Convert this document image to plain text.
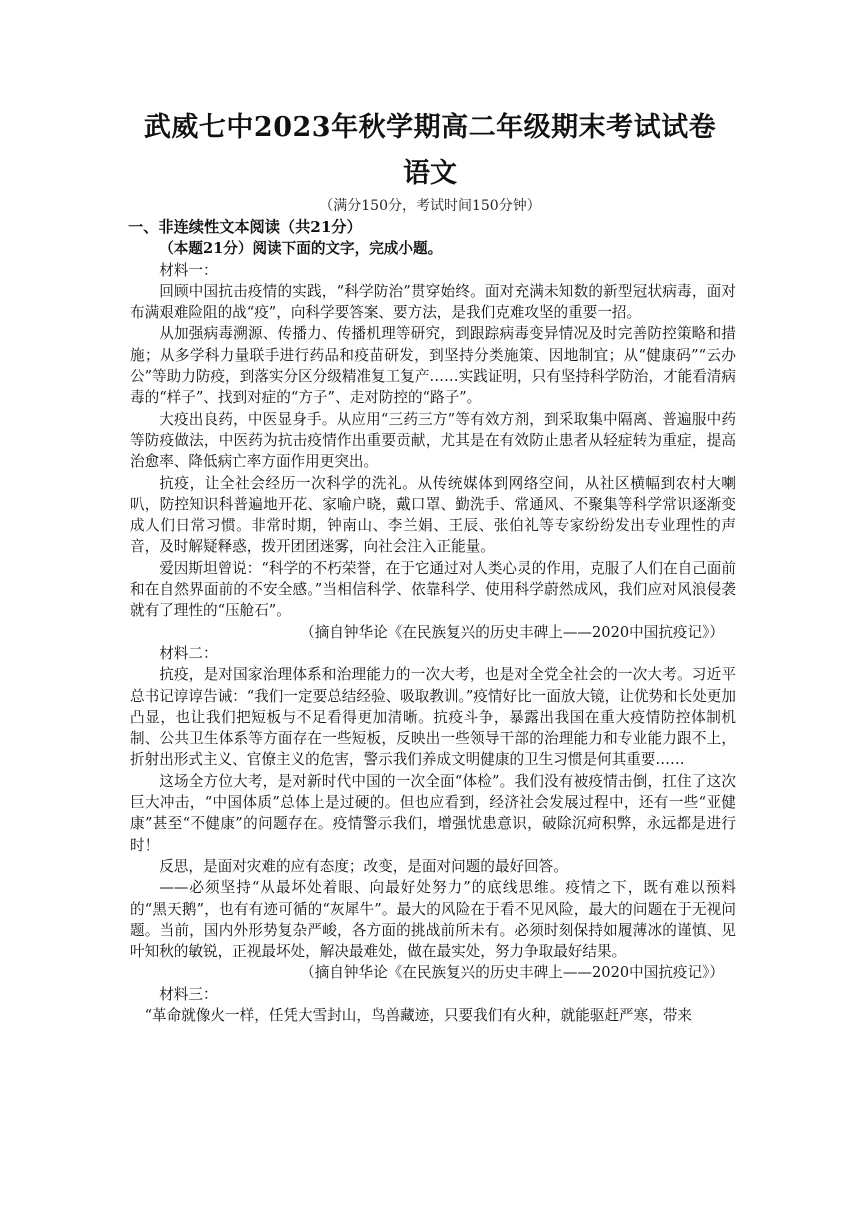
武威七中2023年秋学期高二年级期末考试试卷
语文
（满分150分，考试时间150分钟）

一、非连续性文本阅读（共21分）

（本题21分）阅读下面的文字，完成小题。

材料一：

回顾中国抗击疫情的实践，“科学防治”贯穿始终。面对充满未知数的新型冠状病毒，面对布满艰难险阻的战“疫”，向科学要答案、要方法，是我们克难攻坚的重要一招。

从加强病毒溯源、传播力、传播机理等研究，到跟踪病毒变异情况及时完善防控策略和措施；从多学科力量联手进行药品和疫苗研发，到坚持分类施策、因地制宜；从“健康码”“云办公”等助力防疫，到落实分区分级精准复工复产……实践证明，只有坚持科学防治，才能看清病毒的“样子”、找到对症的“方子”、走对防控的“路子”。

大疫出良药，中医显身手。从应用“三药三方”等有效方剂，到采取集中隔离、普遍服中药等防疫做法，中医药为抗击疫情作出重要贡献，尤其是在有效防止患者从轻症转为重症，提高治愈率、降低病亡率方面作用更突出。

抗疫，让全社会经历一次科学的洗礼。从传统媒体到网络空间，从社区横幅到农村大喇叭，防控知识科普遍地开花、家喻户晓，戴口罩、勤洗手、常通风、不聚集等科学常识逐渐变成人们日常习惯。非常时期，钟南山、李兰娟、王辰、张伯礼等专家纷纷发出专业理性的声音，及时解疑释惑，拨开团团迷雾，向社会注入正能量。

爱因斯坦曾说：“科学的不朽荣誉，在于它通过对人类心灵的作用，克服了人们在自己面前和在自然界面前的不安全感。”当相信科学、依靠科学、使用科学蔚然成风，我们应对风浪侵袭就有了理性的“压舱石”。

（摘自钟华论《在民族复兴的历史丰碑上——2020中国抗疫记》）

材料二：

抗疫，是对国家治理体系和治理能力的一次大考，也是对全党全社会的一次大考。习近平总书记谆谆告诫：“我们一定要总结经验、吸取教训。”疫情好比一面放大镜，让优势和长处更加凸显，也让我们把短板与不足看得更加清晰。抗疫斗争，暴露出我国在重大疫情防控体制机制、公共卫生体系等方面存在一些短板，反映出一些领导干部的治理能力和专业能力跟不上，折射出形式主义、官僚主义的危害，警示我们养成文明健康的卫生习惯是何其重要……

这场全方位大考，是对新时代中国的一次全面“体检”。我们没有被疫情击倒，扛住了这次巨大冲击，“中国体质”总体上是过硬的。但也应看到，经济社会发展过程中，还有一些“亚健康”甚至“不健康”的问题存在。疫情警示我们，增强忧患意识，破除沉疴积弊，永远都是进行时！

反思，是面对灾难的应有态度；改变，是面对问题的最好回答。

——必须坚持“从最坏处着眼、向最好处努力”的底线思维。疫情之下，既有难以预料的“黑天鹅”，也有有迹可循的“灰犀牛”。最大的风险在于看不见风险，最大的问题在于无视问题。当前，国内外形势复杂严峻，各方面的挑战前所未有。必须时刻保持如履薄冰的谨慎、见叶知秋的敏锐，正视最坏处，解决最难处，做在最实处，努力争取最好结果。

（摘自钟华论《在民族复兴的历史丰碑上——2020中国抗疫记》）

材料三：

“革命就像火一样，任凭大雪封山，鸟兽藏迹，只要我们有火种，就能驱赶严寒，带来
